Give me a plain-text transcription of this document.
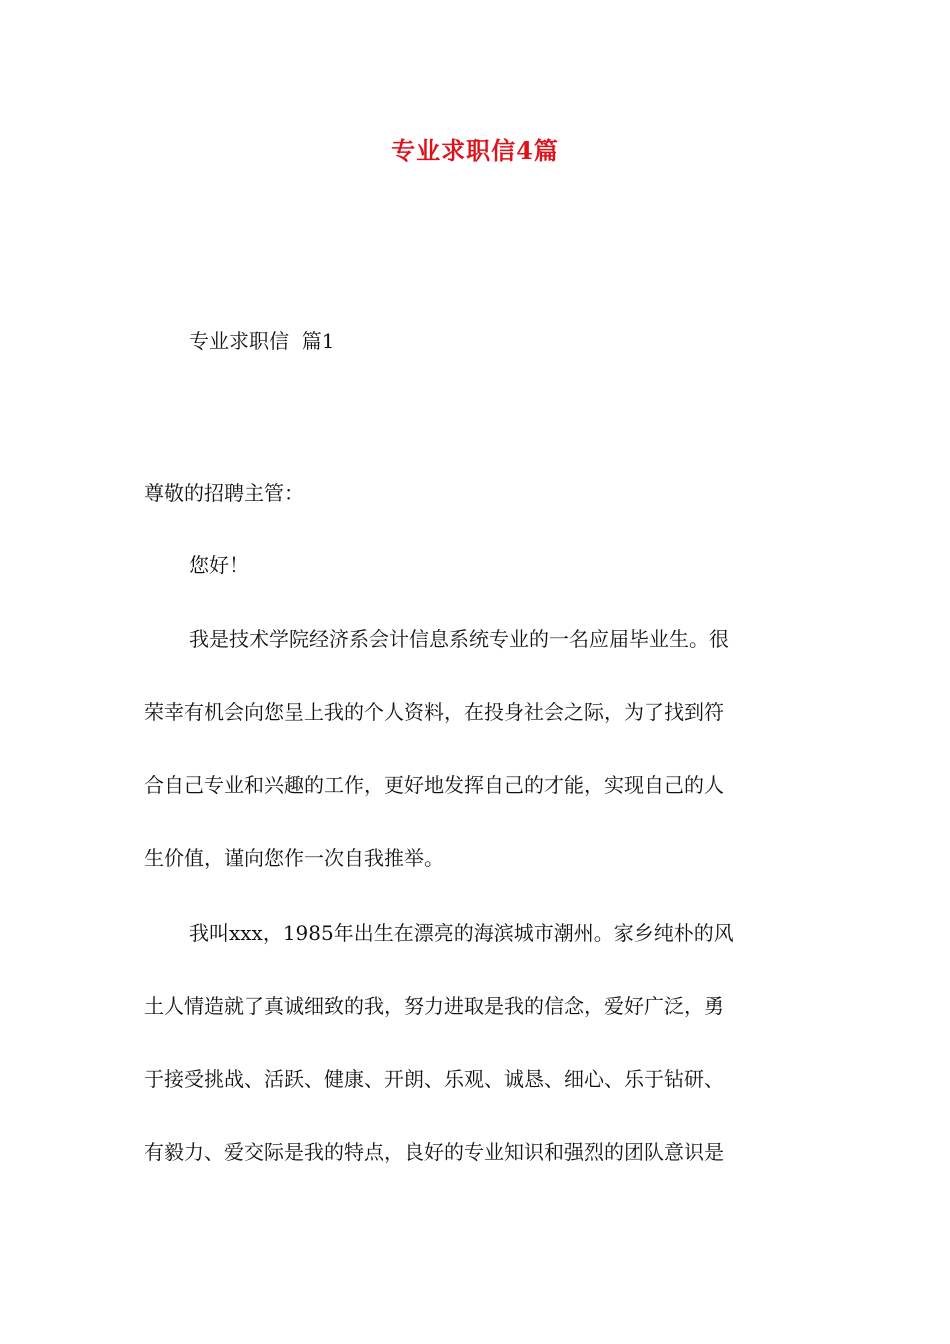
专业求职信4篇
专业求职信  篇1
尊敬的招聘主管：
您好！
我是技术学院经济系会计信息系统专业的一名应届毕业生。很
荣幸有机会向您呈上我的个人资料，在投身社会之际，为了找到符
合自己专业和兴趣的工作，更好地发挥自己的才能，实现自己的人
生价值，谨向您作一次自我推举。
我叫xxx，1985年出生在漂亮的海滨城市潮州。家乡纯朴的风
土人情造就了真诚细致的我，努力进取是我的信念，爱好广泛，勇
于接受挑战、活跃、健康、开朗、乐观、诚恳、细心、乐于钻研、
有毅力、爱交际是我的特点，良好的专业知识和强烈的团队意识是
